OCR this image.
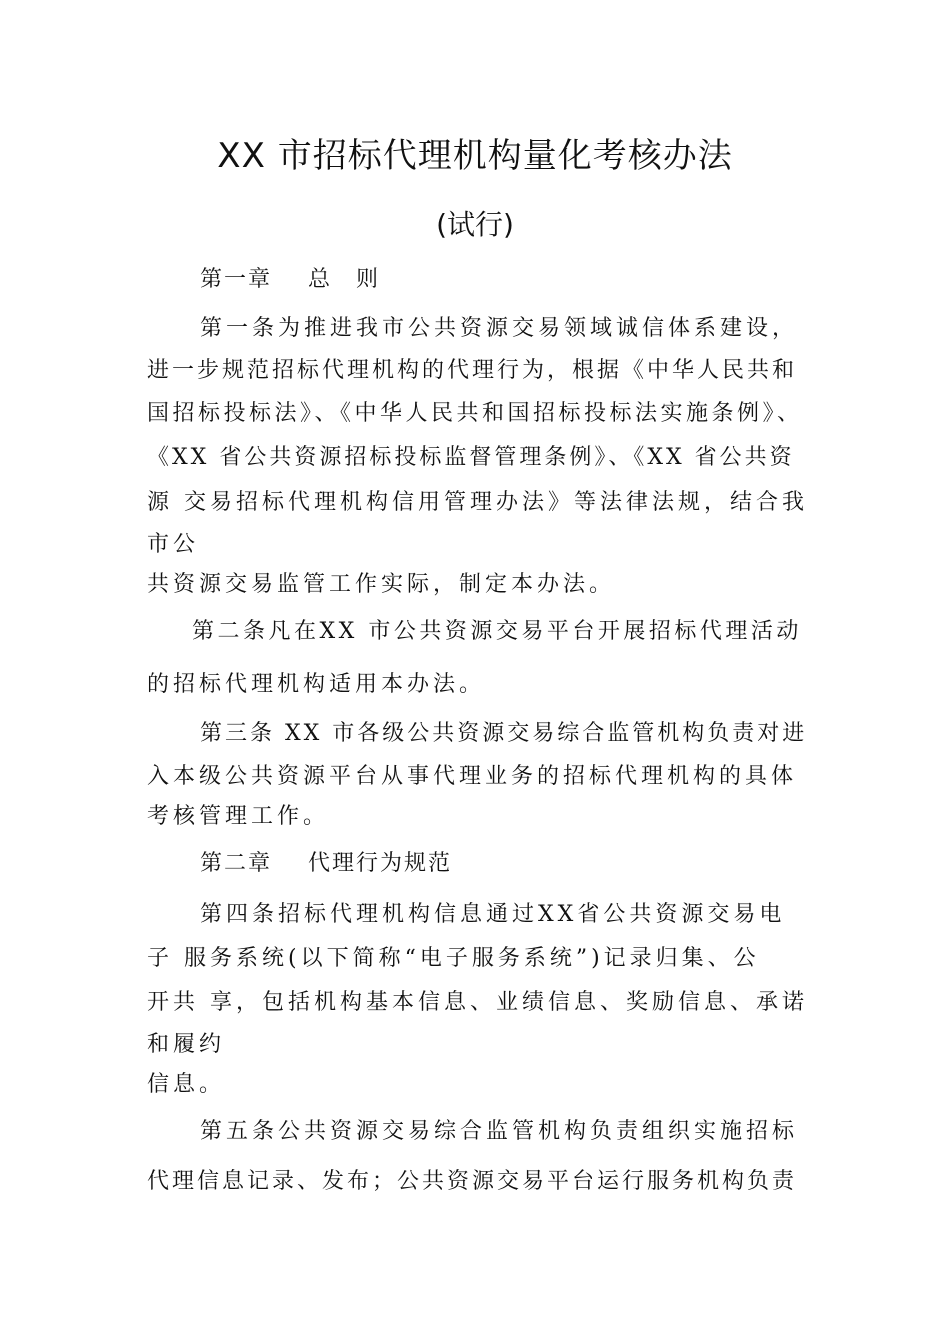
XX 市招标代理机构量化考核办法
(试行)
第一章 总　则
第一条为推进我市公共资源交易领域诚信体系建设，
进一步规范招标代理机构的代理行为，根据《中华人民共和
国招标投标法》、《中华人民共和国招标投标法实施条例》、
《XX 省公共资源招标投标监督管理条例》、《XX 省公共资
源 交易招标代理机构信用管理办法》等法律法规，结合我
市公
共资源交易监管工作实际，制定本办法。
第二条凡在XX 市公共资源交易平台开展招标代理活动
的招标代理机构适用本办法。
第三条 XX 市各级公共资源交易综合监管机构负责对进
入本级公共资源平台从事代理业务的招标代理机构的具体
考核管理工作。
第二章 代理行为规范
第四条招标代理机构信息通过XX省公共资源交易电
子 服务系统(以下简称“电子服务系统”)记录归集、公
开共 享，包括机构基本信息、业绩信息、奖励信息、承诺
和履约
信息。
第五条公共资源交易综合监管机构负责组织实施招标
代理信息记录、发布；公共资源交易平台运行服务机构负责
